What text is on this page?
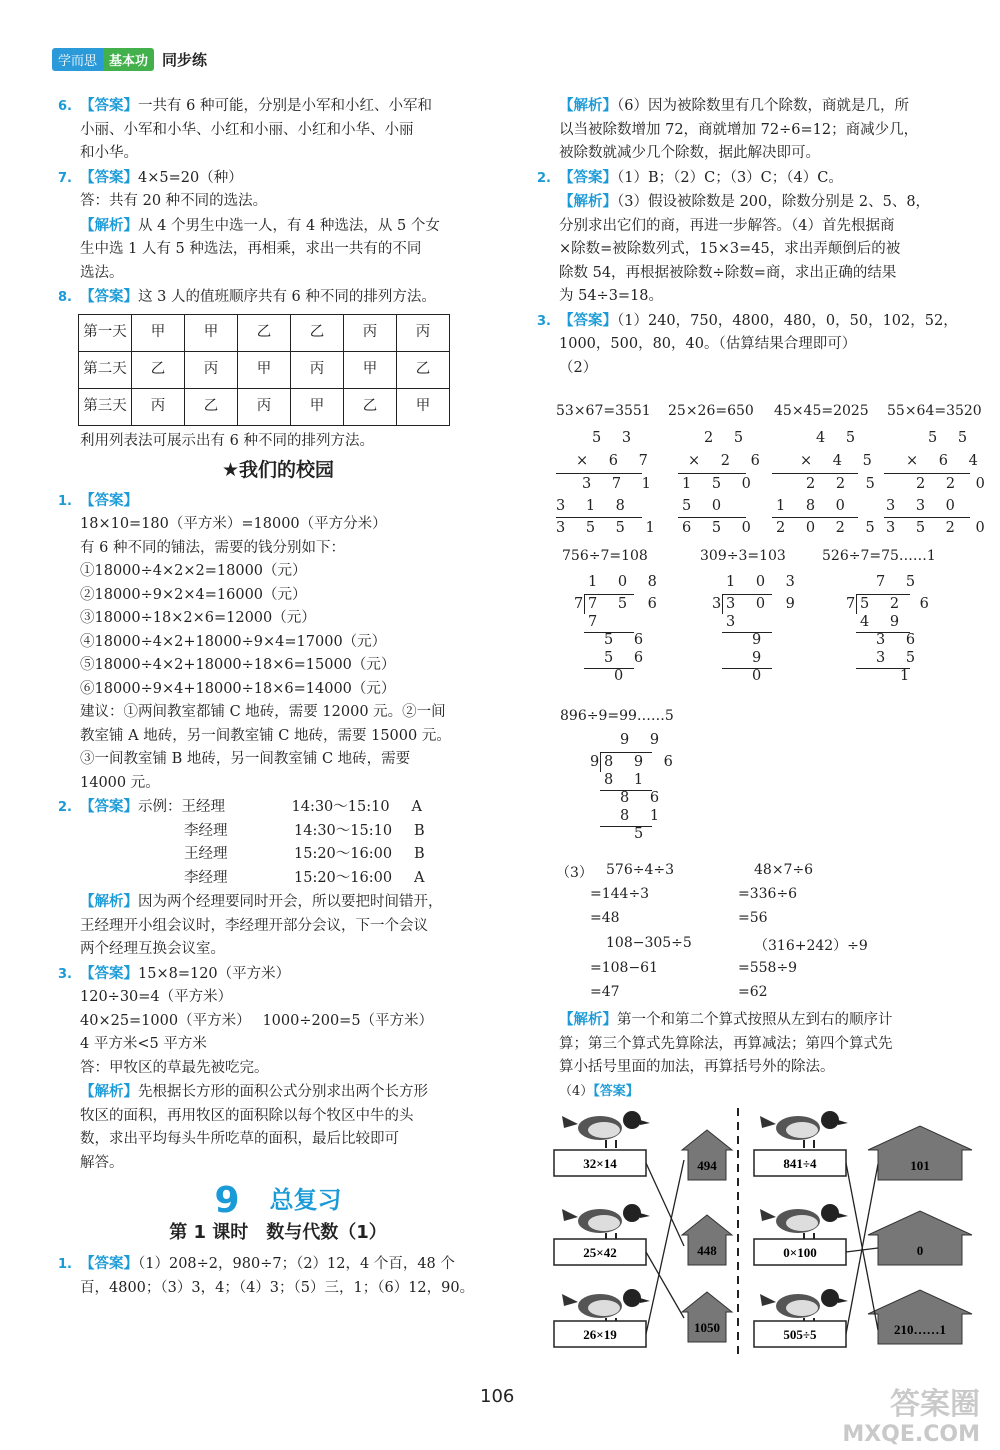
学而思 基本功 同步练
6. 【答案】一共有 6 种可能，分别是小军和小红、小军和
小丽、小军和小华、小红和小丽、小红和小华、小丽
和小华。
7. 【答案】4×5=20（种）
答：共有 20 种不同的选法。
【解析】从 4 个男生中选一人，有 4 种选法，从 5 个女
生中选 1 人有 5 种选法，再相乘，求出一共有的不同
选法。
8. 【答案】这 3 人的值班顺序共有 6 种不同的排列方法。
第一天	甲	甲	乙	乙	丙	丙
第二天	乙	丙	甲	丙	甲	乙
第三天	丙	乙	丙	甲	乙	甲
利用列表法可展示出有 6 种不同的排列方法。
★我们的校园
1. 【答案】
18×10=180（平方米）=18000（平方分米）
有 6 种不同的铺法，需要的钱分别如下：
①18000÷4×2×2=18000（元）
②18000÷9×2×4=16000（元）
③18000÷18×2×6=12000（元）
④18000÷4×2+18000÷9×4=17000（元）
⑤18000÷4×2+18000÷18×6=15000（元）
⑥18000÷9×4+18000÷18×6=14000（元）
建议：①两间教室都铺 C 地砖，需要 12000 元。②一间
教室铺 A 地砖，另一间教室铺 C 地砖，需要 15000 元。
③一间教室铺 B 地砖，另一间教室铺 C 地砖，需要
14000 元。
2. 【答案】示例：王经理	14:30～15:10 A
李经理	14:30～15:10 B
王经理	15:20～16:00 B
李经理	15:20～16:00 A
【解析】因为两个经理要同时开会，所以要把时间错开，
王经理开小组会议时，李经理开部分会议，下一个会议
两个经理互换会议室。
3. 【答案】15×8=120（平方米）
120÷30=4（平方米）
40×25=1000（平方米）　 1000÷200=5（平方米）
4 平方米<5 平方米
答：甲牧区的草最先被吃完。
【解析】先根据长方形的面积公式分别求出两个长方形
牧区的面积，再用牧区的面积除以每个牧区中牛的头
数，求出平均每头牛所吃草的面积，最后比较即可
解答。
9 总复习
第 1 课时　数与代数（1）
1. 【答案】（1）208÷2，980÷7；（2）12，4 个百，48 个
百，4800；（3）3，4；（4）3；（5）三，1；（6）12，90。
【解析】（6）因为被除数里有几个除数，商就是几，所
以当被除数增加 72，商就增加 72÷6=12；商减少几，
被除数就减少几个除数，据此解决即可。
2. 【答案】（1）B；（2）C；（3）C；（4）C。
【解析】（3）假设被除数是 200，除数分别是 2、5、8，
分别求出它们的商，再进一步解答。（4）首先根据商
×除数=被除数列式，15×3=45，求出弄颠倒后的被
除数 54，再根据被除数÷除数=商，求出正确的结果
为 54÷3=18。
3. 【答案】（1）240，750，4800，480，0，50，102，52，
1000，500，80，40。（估算结果合理即可）
（2）
53×67=3551 25×26=650 45×45=2025 55×64=3520
5 3
× 6 7
3 7 1
3 1 8
3 5 5 1
2 5
× 2 6
1 5 0
5 0
6 5 0
4 5
× 4 5
2 2 5
1 8 0
2 0 2 5
5 5
× 6 4
2 2 0
3 3 0
3 5 2 0
756÷7=108	309÷3=103	526÷7=75……1
1 0 8
7
7 5 6
7
5 6
5 6
0
1 0 3
3
3 0 9
3
9
9
0
7 5
7
5 2 6
4 9
3 6
3 5
1
896÷9=99……5
9 9
9
8 9 6
8 1
8 6
8 1
5
（3） 576÷4÷3
=144÷3
=48
108−305÷5
=108−61
=47
48×7÷6
=336÷6
=56
（316+242）÷9
=558÷9
=62
【解析】第一个和第二个算式按照从左到右的顺序计
算；第三个算式先算除法，再算减法；第四个算式先
算小括号里面的加法，再算括号外的除法。
（4）【答案】
32×14
25×42
26×19
494
448
1050
841÷4
0×100
505÷5
101
0
210……1
106	答案圈
MXQE.COM
